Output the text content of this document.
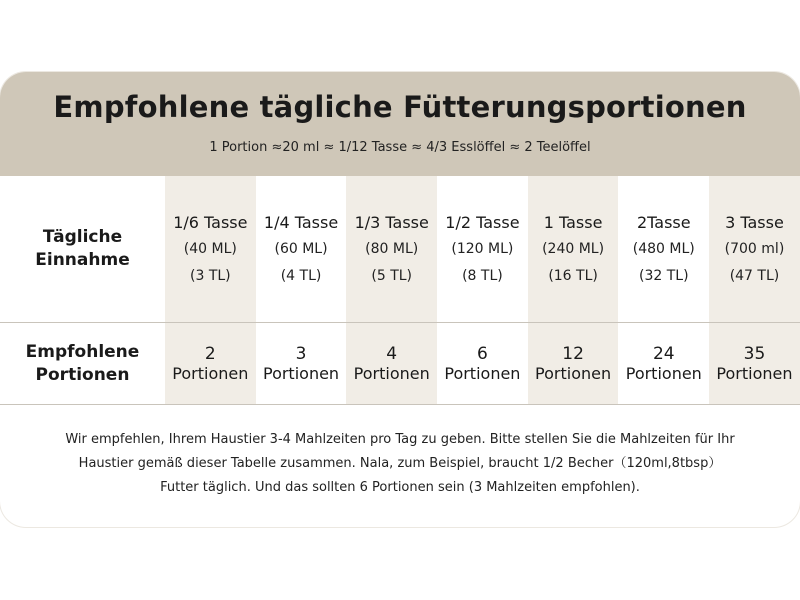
Empfohlene tägliche Fütterungsportionen
1 Portion ≈20 ml ≈ 1/12 Tasse ≈ 4/3 Esslöffel ≈ 2 Teelöffel
Tägliche
Einnahme
1/6 Tasse
(40 ML)
(3 TL)
1/4 Tasse
(60 ML)
(4 TL)
1/3 Tasse
(80 ML)
(5 TL)
1/2 Tasse
(120 ML)
(8 TL)
1 Tasse
(240 ML)
(16 TL)
2Tasse
(480 ML)
(32 TL)
3 Tasse
(700 ml)
(47 TL)
Empfohlene
Portionen
2
Portionen
3
Portionen
4
Portionen
6
Portionen
12
Portionen
24
Portionen
35
Portionen
Wir empfehlen, Ihrem Haustier 3-4 Mahlzeiten pro Tag zu geben. Bitte stellen Sie die Mahlzeiten für Ihr
Haustier gemäß dieser Tabelle zusammen. Nala, zum Beispiel, braucht 1/2 Becher（120ml,8tbsp）
Futter täglich. Und das sollten 6 Portionen sein (3 Mahlzeiten empfohlen).
